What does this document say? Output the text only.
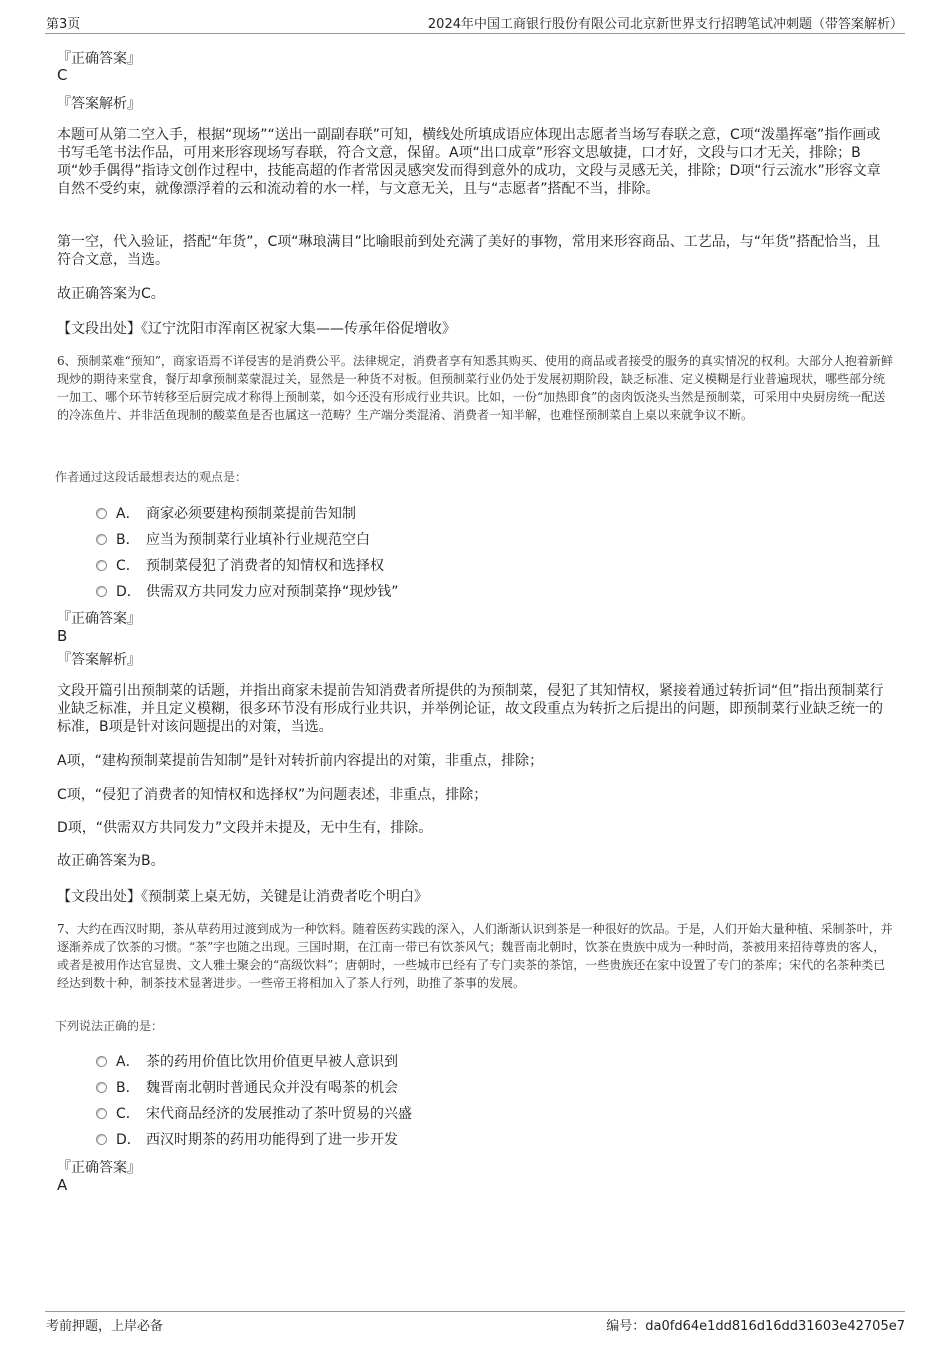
第3页	2024年中国工商银行股份有限公司北京新世界支行招聘笔试冲刺题（带答案解析）
『正确答案』
C
『答案解析』
本题可从第二空入手，根据“现场”“送出一副副春联”可知，横线处所填成语应体现出志愿者当场写春联之意，C项“泼墨挥毫”指作画或书写毛笔书法作品，可用来形容现场写春联，符合文意，保留。A项“出口成章”形容文思敏捷，口才好，文段与口才无关，排除；B项“妙手偶得”指诗文创作过程中，技能高超的作者常因灵感突发而得到意外的成功，文段与灵感无关，排除；D项“行云流水”形容文章自然不受约束，就像漂浮着的云和流动着的水一样，与文意无关，且与“志愿者”搭配不当，排除。
第一空，代入验证，搭配“年货”，C项“琳琅满目”比喻眼前到处充满了美好的事物，常用来形容商品、工艺品，与“年货”搭配恰当，且符合文意，当选。
故正确答案为C。
【文段出处】《辽宁沈阳市浑南区祝家大集——传承年俗促增收》
6、预制菜难“预知”，商家语焉不详侵害的是消费公平。法律规定，消费者享有知悉其购买、使用的商品或者接受的服务的真实情况的权利。大部分人抱着新鲜现炒的期待来堂食，餐厅却拿预制菜蒙混过关，显然是一种货不对板。但预制菜行业仍处于发展初期阶段，缺乏标准、定义模糊是行业普遍现状，哪些部分统一加工、哪个环节转移至后厨完成才称得上预制菜，如今还没有形成行业共识。比如，一份“加热即食”的卤肉饭浇头当然是预制菜，可采用中央厨房统一配送的冷冻鱼片、并非活鱼现制的酸菜鱼是否也属这一范畴？生产端分类混淆、消费者一知半解，也难怪预制菜自上桌以来就争议不断。
作者通过这段话最想表达的观点是：
A． 商家必须要建构预制菜提前告知制
B． 应当为预制菜行业填补行业规范空白
C． 预制菜侵犯了消费者的知情权和选择权
D． 供需双方共同发力应对预制菜挣“现炒钱”
『正确答案』
B
『答案解析』
文段开篇引出预制菜的话题，并指出商家未提前告知消费者所提供的为预制菜，侵犯了其知情权，紧接着通过转折词“但”指出预制菜行业缺乏标准，并且定义模糊，很多环节没有形成行业共识，并举例论证，故文段重点为转折之后提出的问题，即预制菜行业缺乏统一的标准，B项是针对该问题提出的对策，当选。
A项，“建构预制菜提前告知制”是针对转折前内容提出的对策，非重点，排除；
C项，“侵犯了消费者的知情权和选择权”为问题表述，非重点，排除；
D项，“供需双方共同发力”文段并未提及，无中生有，排除。
故正确答案为B。
【文段出处】《预制菜上桌无妨，关键是让消费者吃个明白》
7、大约在西汉时期，茶从草药用过渡到成为一种饮料。随着医药实践的深入，人们渐渐认识到茶是一种很好的饮品。于是，人们开始大量种植、采制茶叶，并逐渐养成了饮茶的习惯。“茶”字也随之出现。三国时期，在江南一带已有饮茶风气；魏晋南北朝时，饮茶在贵族中成为一种时尚，茶被用来招待尊贵的客人，或者是被用作达官显贵、文人雅士聚会的“高级饮料”；唐朝时，一些城市已经有了专门卖茶的茶馆，一些贵族还在家中设置了专门的茶库；宋代的名茶种类已经达到数十种，制茶技术显著进步。一些帝王将相加入了茶人行列，助推了茶事的发展。
下列说法正确的是：
A． 茶的药用价值比饮用价值更早被人意识到
B． 魏晋南北朝时普通民众并没有喝茶的机会
C． 宋代商品经济的发展推动了茶叶贸易的兴盛
D． 西汉时期茶的药用功能得到了进一步开发
『正确答案』
A
考前押题，上岸必备	编号：da0fd64e1dd816d16dd31603e42705e7
